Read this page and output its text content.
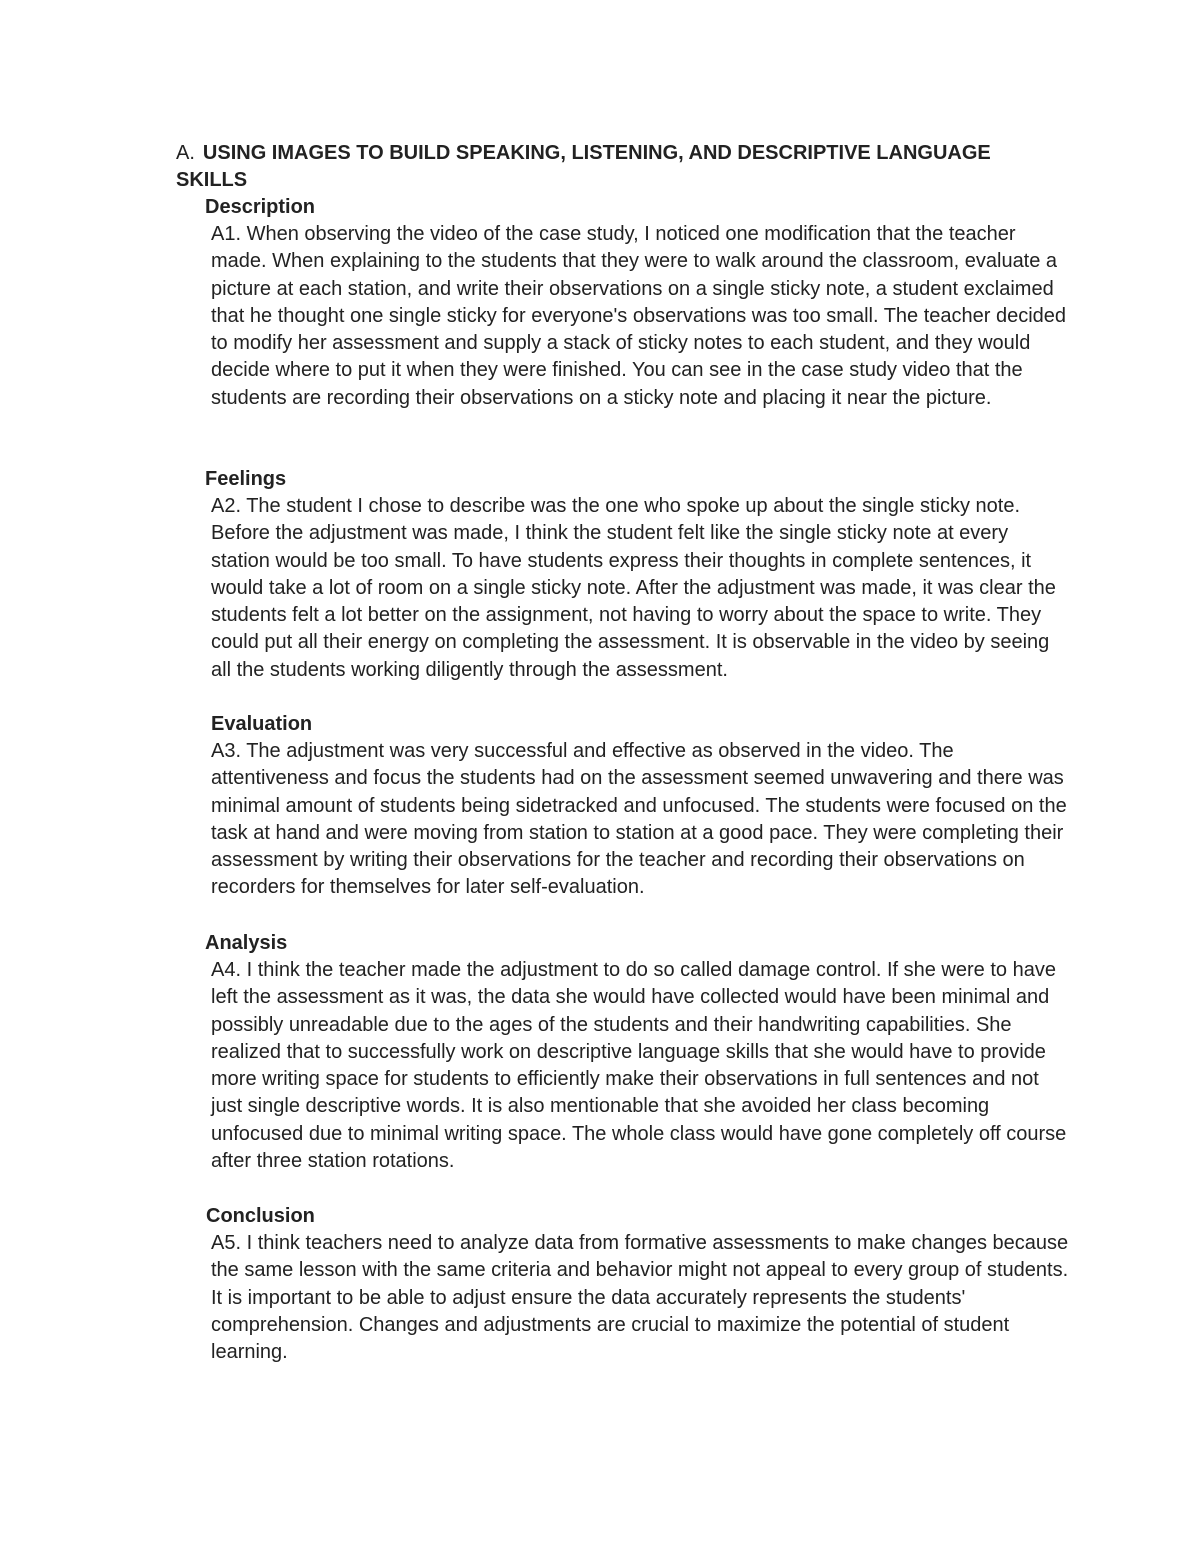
A. USING IMAGES TO BUILD SPEAKING, LISTENING, AND DESCRIPTIVE LANGUAGE SKILLS

Description

A1. When observing the video of the case study, I noticed one modification that the teacher made. When explaining to the students that they were to walk around the classroom, evaluate a picture at each station, and write their observations on a single sticky note, a student exclaimed that he thought one single sticky for everyone's observations was too small. The teacher decided to modify her assessment and supply a stack of sticky notes to each student, and they would decide where to put it when they were finished. You can see in the case study video that the students are recording their observations on a sticky note and placing it near the picture.

Feelings

A2. The student I chose to describe was the one who spoke up about the single sticky note. Before the adjustment was made, I think the student felt like the single sticky note at every station would be too small. To have students express their thoughts in complete sentences, it would take a lot of room on a single sticky note. After the adjustment was made, it was clear the students felt a lot better on the assignment, not having to worry about the space to write. They could put all their energy on completing the assessment. It is observable in the video by seeing all the students working diligently through the assessment.

Evaluation

A3. The adjustment was very successful and effective as observed in the video. The attentiveness and focus the students had on the assessment seemed unwavering and there was minimal amount of students being sidetracked and unfocused. The students were focused on the task at hand and were moving from station to station at a good pace. They were completing their assessment by writing their observations for the teacher and recording their observations on recorders for themselves for later self-evaluation.

Analysis

A4. I think the teacher made the adjustment to do so called damage control. If she were to have left the assessment as it was, the data she would have collected would have been minimal and possibly unreadable due to the ages of the students and their handwriting capabilities. She realized that to successfully work on descriptive language skills that she would have to provide more writing space for students to efficiently make their observations in full sentences and not just single descriptive words. It is also mentionable that she avoided her class becoming unfocused due to minimal writing space. The whole class would have gone completely off course after three station rotations.

Conclusion

A5. I think teachers need to analyze data from formative assessments to make changes because the same lesson with the same criteria and behavior might not appeal to every group of students. It is important to be able to adjust ensure the data accurately represents the students' comprehension. Changes and adjustments are crucial to maximize the potential of student learning.
